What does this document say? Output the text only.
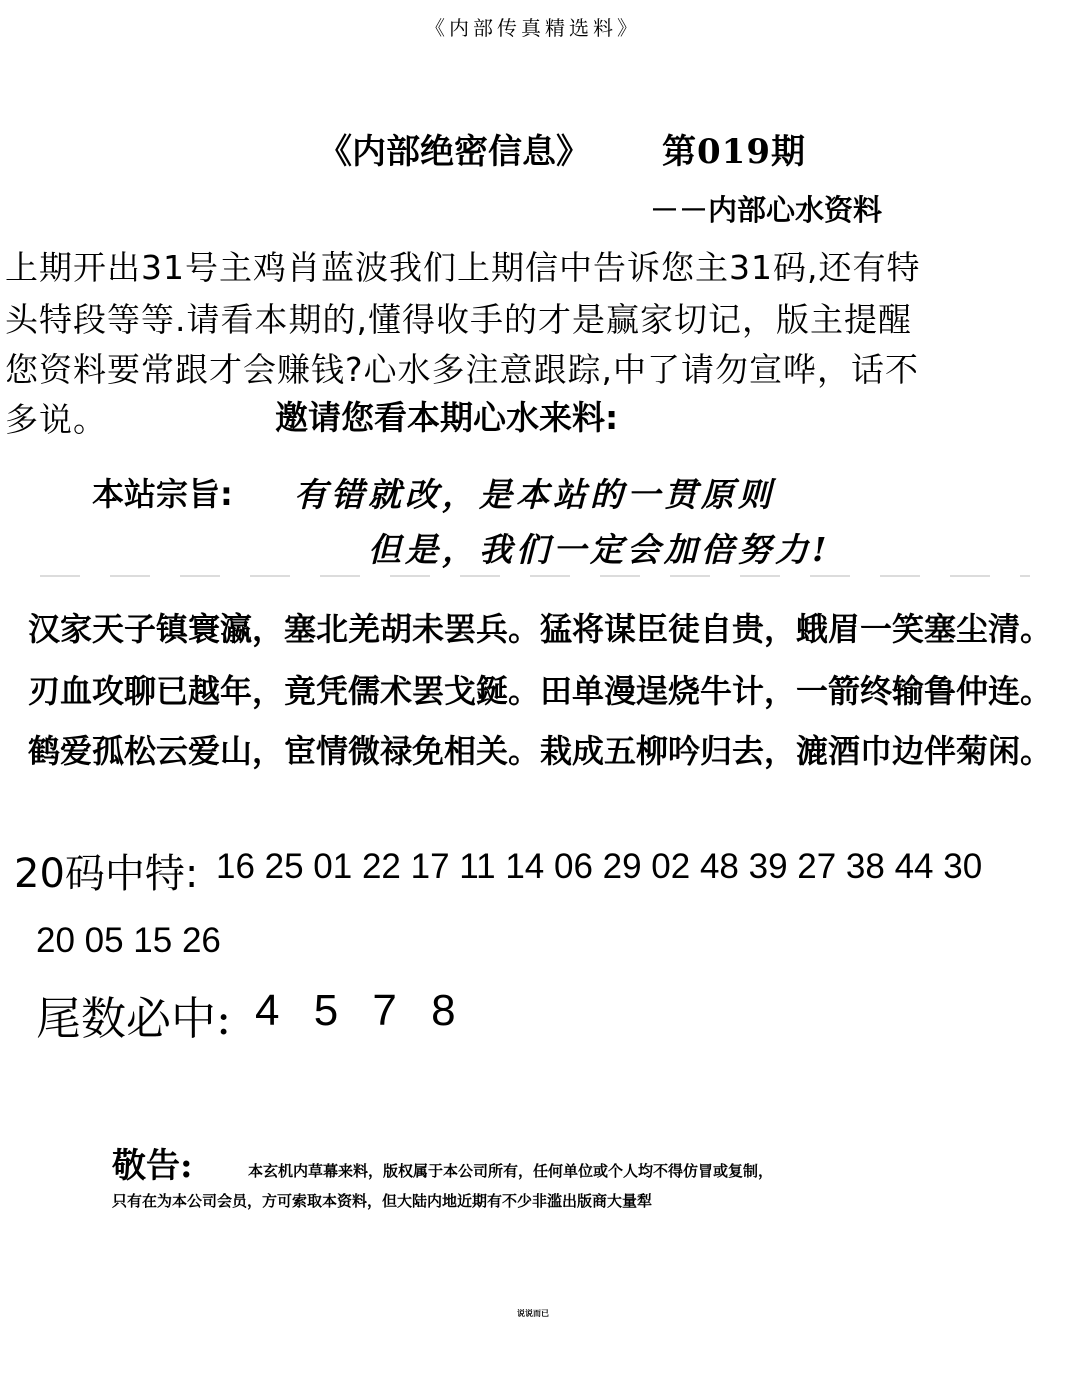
《内部传真精选料》
《内部绝密信息》 第019期
－－内部心水资料
上期开出31号主鸡肖蓝波我们上期信中告诉您主31码,还有特
头特段等等.请看本期的,懂得收手的才是赢家切记，版主提醒
您资料要常跟才会赚钱?心水多注意跟踪,中了请勿宣哗，话不
多说。	邀请您看本期心水来料:
本站宗旨: 有错就改，是本站的一贯原则
但是，我们一定会加倍努力!
汉家天子镇寰瀛，塞北羌胡未罢兵。猛将谋臣徒自贵，蛾眉一笑塞尘清。
刃血攻聊已越年，竟凭儒术罢戈鋋。田单漫逞烧牛计，一箭终输鲁仲连。
鹤爱孤松云爱山，宦情微禄免相关。栽成五柳吟归去，漉酒巾边伴菊闲。
20码中特: 16 25 01 22 17 11 14 06 29 02 48 39 27 38 44 30
20 05 15 26
尾数必中: 4 5 7 8
敬告:	本玄机内草幕来料，版权属于本公司所有，任何单位或个人均不得仿冒或复制，
只有在为本公司会员，方可索取本资料，但大陆内地近期有不少非滥出版商大量犁
说说而已
